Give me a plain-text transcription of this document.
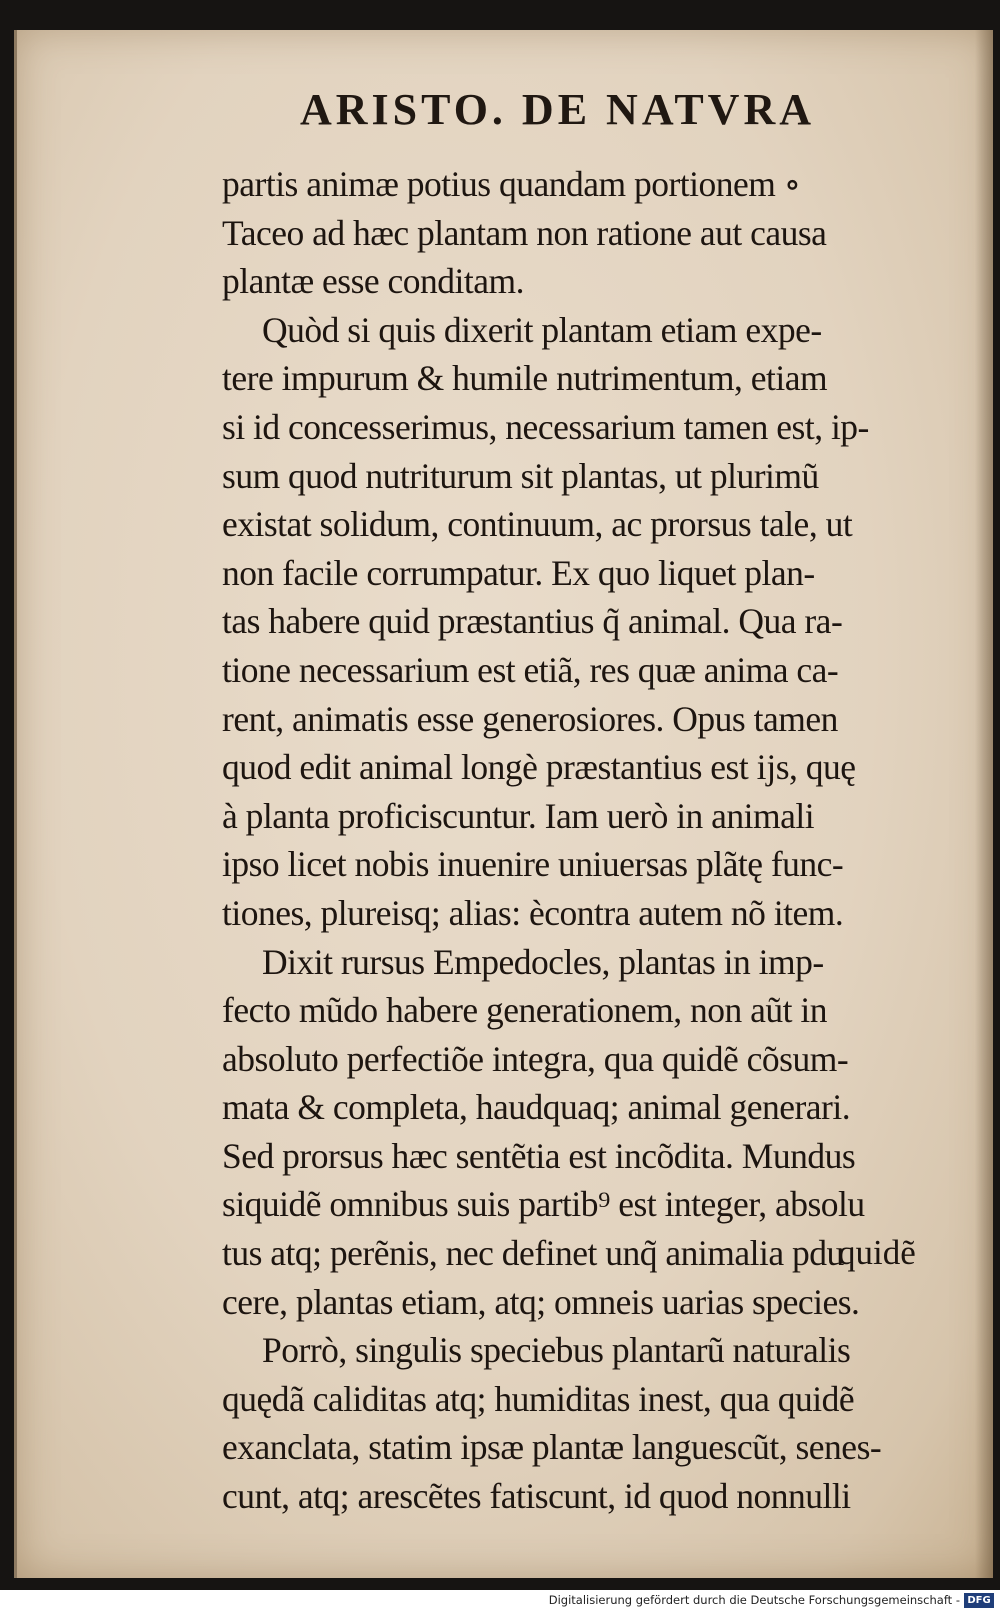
ARISTO. DE NATVRA
partis animæ potius quandam portionem ∘
Taceo ad hæc plantam non ratione aut causa
plantæ esse conditam.
Quòd si quis dixerit plantam etiam expe-
tere impurum & humile nutrimentum, etiam
si id concesserimus, necessarium tamen est, ip-
sum quod nutriturum sit plantas, ut plurimũ
existat solidum, continuum, ac prorsus tale, ut
non facile corrumpatur. Ex quo liquet plan-
tas habere quid præstantius q̃ animal. Qua ra-
tione necessarium est etiã, res quæ anima ca-
rent, animatis esse generosiores. Opus tamen
quod edit animal longè præstantius est ĳs, quę
à planta proficiscuntur. Iam uerò in animali
ipso licet nobis inuenire uniuersas plãtę func-
tiones, plureisq; alias: ècontra autem nõ item.
Dixit rursus Empedocles, plantas in imp-
fecto mũdo habere generationem, non aũt in
absoluto perfectiõe integra, qua quidẽ cõsum-
mata & completa, haudquaq; animal generari.
Sed prorsus hæc sentẽtia est incõdita. Mundus
siquidẽ omnibus suis partib⁹ est integer, absolu
tus atq; perẽnis, nec definet unq̃ animalia pdu
cere, plantas etiam, atq; omneis uarias species.
Porrò, singulis speciebus plantarũ naturalis
quędã caliditas atq; humiditas inest, qua quidẽ
exanclata, statim ipsæ plantæ languescũt, senes-
cunt, atq; arescẽtes fatiscunt, id quod nonnulli
quidẽ
Digitalisierung gefördert durch die Deutsche Forschungsgemeinschaft - DFG
